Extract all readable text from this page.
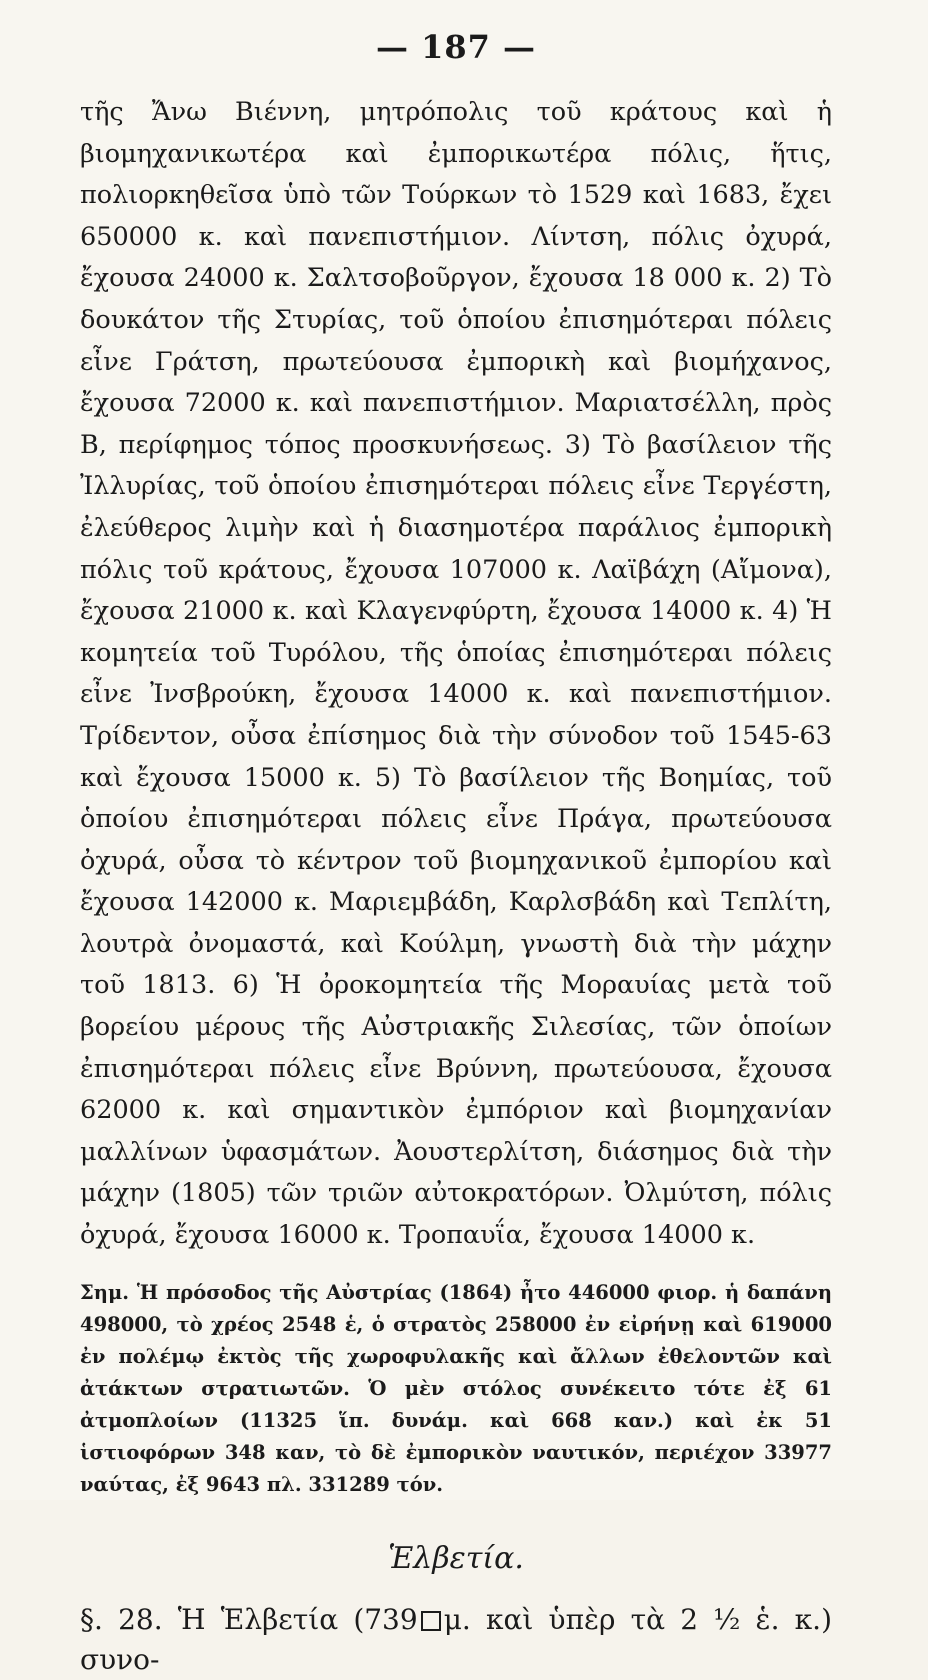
— 187 —

τῆς Ἄνω Βιέννη, μητρόπολις τοῦ κράτους καὶ ἡ βιομηχανικωτέρα καὶ ἐμπορικωτέρα πόλις, ἥτις, πολιορκηθεῖσα ὑπὸ τῶν Τούρκων τὸ 1529 καὶ 1683, ἔχει 650000 κ. καὶ πανεπιστήμιον. Λίντση, πόλις ὀχυρά, ἔχουσα 24000 κ. Σαλτσοβοῦργον, ἔχουσα 18 000 κ. 2) Τὸ δουκάτον τῆς Στυρίας, τοῦ ὁποίου ἐπισημότεραι πόλεις εἶνε Γράτση, πρωτεύουσα ἐμπορικὴ καὶ βιομήχανος, ἔχουσα 72000 κ. καὶ πανεπιστήμιον. Μαριατσέλλη, πρὸς Β, περίφημος τόπος προσκυνήσεως. 3) Τὸ βασίλειον τῆς Ἰλλυρίας, τοῦ ὁποίου ἐπισημότεραι πόλεις εἶνε Τεργέστη, ἐλεύθερος λιμὴν καὶ ἡ διασημοτέρα παράλιος ἐμπορικὴ πόλις τοῦ κράτους, ἔχουσα 107000 κ. Λαϊβάχη (Αἴμονα), ἔχουσα 21000 κ. καὶ Κλαγενφύρτη, ἔχουσα 14000 κ. 4) Ἡ κομητεία τοῦ Τυρόλου, τῆς ὁποίας ἐπισημότεραι πόλεις εἶνε Ἰνσβρούκη, ἔχουσα 14000 κ. καὶ πανεπιστήμιον. Τρίδεντον, οὖσα ἐπίσημος διὰ τὴν σύνοδον τοῦ 1545-63 καὶ ἔχουσα 15000 κ. 5) Τὸ βασίλειον τῆς Βοημίας, τοῦ ὁποίου ἐπισημότεραι πόλεις εἶνε Πράγα, πρωτεύουσα ὀχυρά, οὖσα τὸ κέντρον τοῦ βιομηχανικοῦ ἐμπορίου καὶ ἔχουσα 142000 κ. Μαριεμβάδη, Καρλσβάδη καὶ Τεπλίτη, λουτρὰ ὀνομαστά, καὶ Κούλμη, γνωστὴ διὰ τὴν μάχην τοῦ 1813. 6) Ἡ ὀροκομητεία τῆς Μοραυίας μετὰ τοῦ βορείου μέρους τῆς Αὐστριακῆς Σιλεσίας, τῶν ὁποίων ἐπισημότεραι πόλεις εἶνε Βρύννη, πρωτεύουσα, ἔχουσα 62000 κ. καὶ σημαντικὸν ἐμπόριον καὶ βιομηχανίαν μαλλίνων ὑφασμάτων. Ἀουστερλίτση, διάσημος διὰ τὴν μάχην (1805) τῶν τριῶν αὐτοκρατόρων. Ὀλμύτση, πόλις ὀχυρά, ἔχουσα 16000 κ. Τροπαυΐα, ἔχουσα 14000 κ.

Σημ. Ἡ πρόσοδος τῆς Αὐστρίας (1864) ἦτο 446000 φιορ. ἡ δαπάνη 498000, τὸ χρέος 2548 ἑ, ὁ στρατὸς 258000 ἐν εἰρήνῃ καὶ 619000 ἐν πολέμῳ ἐκτὸς τῆς χωροφυλακῆς καὶ ἄλλων ἐθελοντῶν καὶ ἀτάκτων στρατιωτῶν. Ὁ μὲν στόλος συνέκειτο τότε ἐξ 61 ἀτμοπλοίων (11325 ἵπ. δυνάμ. καὶ 668 καν.) καὶ ἐκ 51 ἱστιοφόρων 348 καν, τὸ δὲ ἐμπορικὸν ναυτικόν, περιέχον 33977 ναύτας, ἐξ 9643 πλ. 331289 τόν.

Ἑλβετία.

§. 28. Ἡ Ἑλβετία (739 μ. καὶ ὑπὲρ τὰ 2 ½ ἑ. κ.) συνο-
